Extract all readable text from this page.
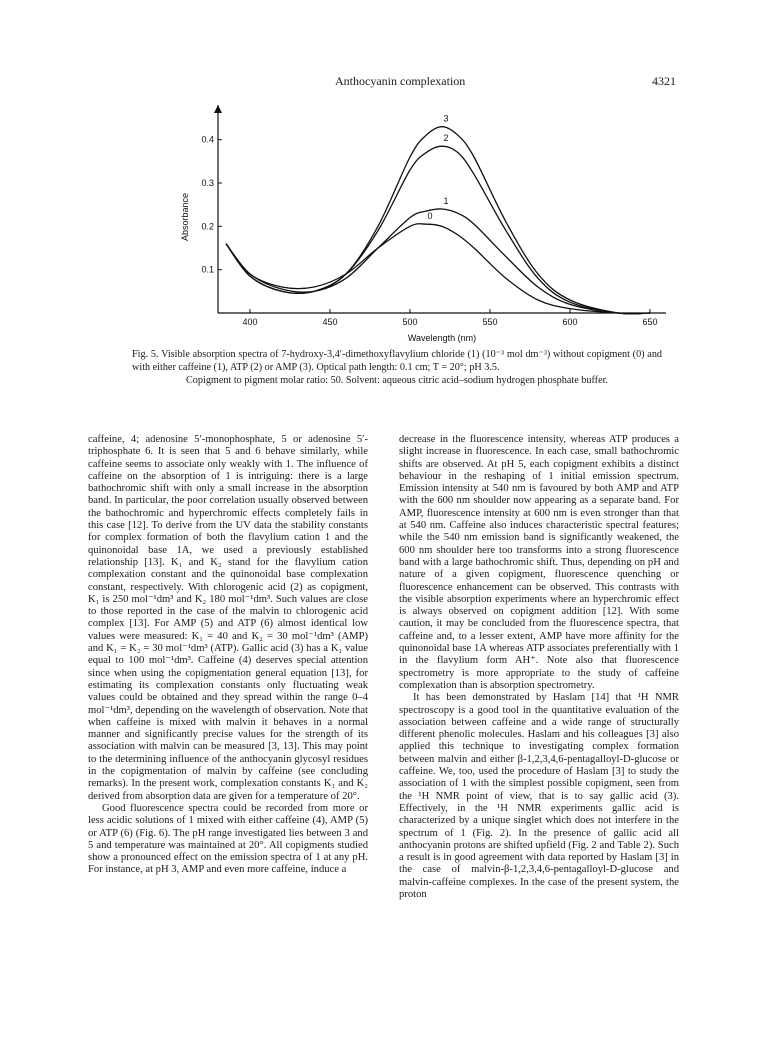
Anthocyanin complexation	4321
400	450	500	550	600	650
0.1
0.2
0.3
0.4
Wavelength (nm)
Absorbance	0
1
2
3
Fig. 5. Visible absorption spectra of 7-hydroxy-3,4′-dimethoxyflavylium chloride (1) (10⁻³ mol dm⁻³) without copigment (0) and with either caffeine (1), ATP (2) or AMP (3). Optical path length: 0.1 cm; T = 20°; pH 3.5.
Copigment to pigment molar ratio: 50. Solvent: aqueous citric acid–sodium hydrogen phosphate buffer.

caffeine, 4; adenosine 5′-monophosphate, 5 or adenosine 5′-triphosphate 6. It is seen that 5 and 6 behave similarly, while caffeine seems to associate only weakly with 1. The influence of caffeine on the absorption of 1 is intriguing: there is a large bathochromic shift with only a small increase in the absorption band. In particular, the poor correlation usually observed between the bathochromic and hyperchromic effects completely fails in this case [12]. To derive from the UV data the stability constants for complex formation of both the flavylium cation 1 and the quinonoidal base 1A, we used a previously established relationship [13]. K₁ and K₂ stand for the flavylium cation complexation constant and the quinonoidal base complexation constant, respectively. With chlorogenic acid (2) as copigment, K₁ is 250 mol⁻¹dm³ and K₂ 180 mol⁻¹dm³. Such values are close to those reported in the case of the malvin to chlorogenic acid complex [13]. For AMP (5) and ATP (6) almost identical low values were measured: K₁ = 40 and K₂ = 30 mol⁻¹dm³ (AMP) and K₁ = K₂ = 30 mol⁻¹dm³ (ATP). Gallic acid (3) has a K₁ value equal to 100 mol⁻¹dm³. Caffeine (4) deserves special attention since when using the copigmentation general equation [13], for estimating its complexation constants only fluctuating weak values could be obtained and they spread within the range 0–4 mol⁻¹dm³, depending on the wavelength of observation. Note that when caffeine is mixed with malvin it behaves in a normal manner and significantly precise values for the strength of its association with malvin can be measured [3, 13]. This may point to the determining influence of the anthocyanin glycosyl residues in the copigmentation of malvin by caffeine (see concluding remarks). In the present work, complexation constants K₁ and K₂ derived from absorption data are given for a temperature of 20°.

Good fluorescence spectra could be recorded from more or less acidic solutions of 1 mixed with either caffeine (4), AMP (5) or ATP (6) (Fig. 6). The pH range investigated lies between 3 and 5 and temperature was maintained at 20°. All copigments studied show a pronounced effect on the emission spectra of 1 at any pH. For instance, at pH 3, AMP and even more caffeine, induce a

decrease in the fluorescence intensity, whereas ATP produces a slight increase in fluorescence. In each case, small bathochromic shifts are observed. At pH 5, each copigment exhibits a distinct behaviour in the reshaping of 1 initial emission spectrum. Emission intensity at 540 nm is favoured by both AMP and ATP with the 600 nm shoulder now appearing as a separate band. For AMP, fluorescence intensity at 600 nm is even stronger than that at 540 nm. Caffeine also induces characteristic spectral features; while the 540 nm emission band is significantly weakened, the 600 nm shoulder here too transforms into a strong fluorescence band with a large bathochromic shift. Thus, depending on pH and nature of a given copigment, fluorescence quenching or fluorescence enhancement can be observed. This contrasts with the visible absorption experiments where an hyperchromic effect is always observed on copigment addition [12]. With some caution, it may be concluded from the fluorescence spectra, that caffeine and, to a lesser extent, AMP have more affinity for the quinonoidal base 1A whereas ATP associates preferentially with 1 in the flavylium form AH⁺. Note also that fluorescence spectrometry is more appropriate to the study of caffeine complexation than is absorption spectrometry.

It has been demonstrated by Haslam [14] that ¹H NMR spectroscopy is a good tool in the quantitative evaluation of the association between caffeine and a wide range of structurally different phenolic molecules. Haslam and his colleagues [3] also applied this technique to investigating complex formation between malvin and either β-1,2,3,4,6-pentagalloyl-D-glucose or caffeine. We, too, used the procedure of Haslam [3] to study the association of 1 with the simplest possible copigment, seen from the ¹H NMR point of view, that is to say gallic acid (3). Effectively, in the ¹H NMR experiments gallic acid is characterized by a unique singlet which does not interfere in the spectrum of 1 (Fig. 2). In the presence of gallic acid all anthocyanin protons are shifted upfield (Fig. 2 and Table 2). Such a result is in good agreement with data reported by Haslam [3] in the case of malvin-β-1,2,3,4,6-pentagalloyl-D-glucose and malvin-caffeine complexes. In the case of the present system, the proton
